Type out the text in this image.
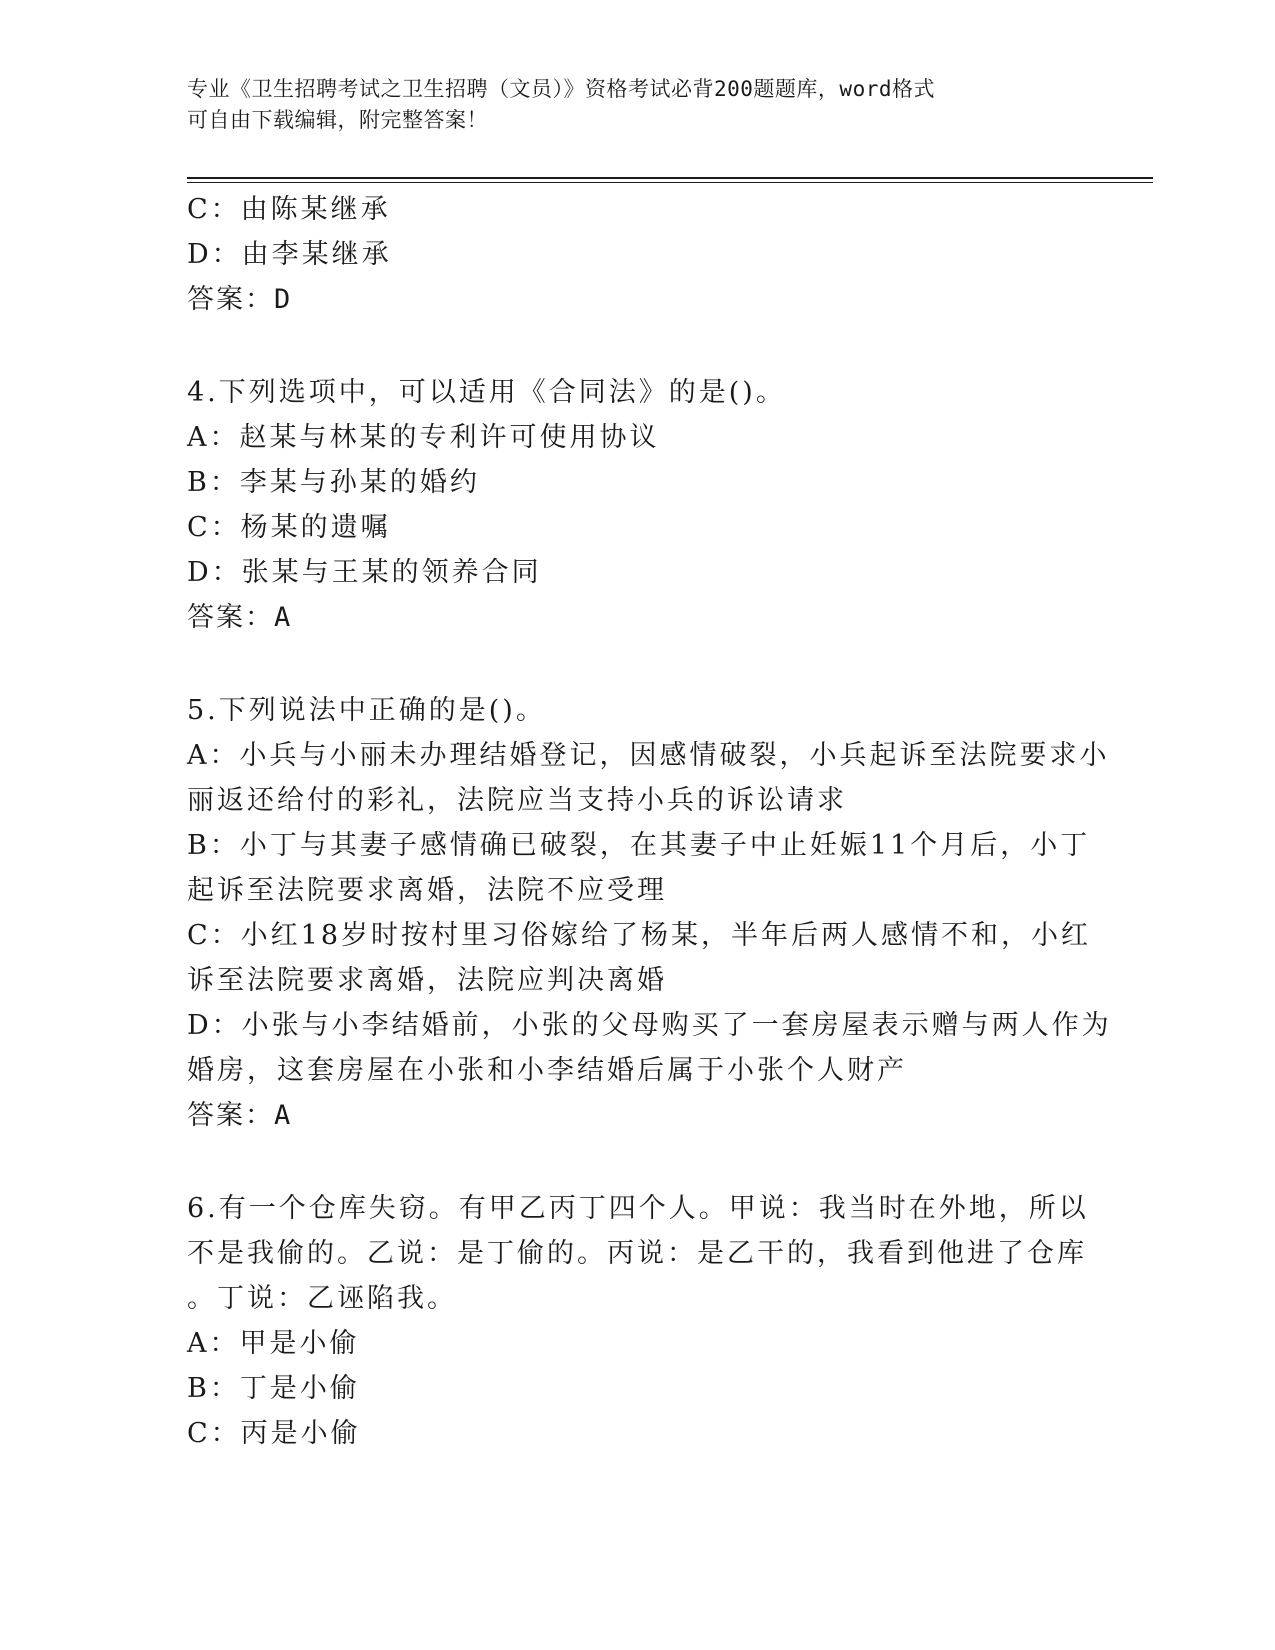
专业《卫生招聘考试之卫生招聘（文员）》资格考试必背200题题库，word格式
可自由下载编辑，附完整答案！
C：由陈某继承
D：由李某继承
答案：D
4.下列选项中，可以适用《合同法》的是()。
A：赵某与林某的专利许可使用协议
B：李某与孙某的婚约
C：杨某的遗嘱
D：张某与王某的领养合同
答案：A
5.下列说法中正确的是()。
A：小兵与小丽未办理结婚登记，因感情破裂，小兵起诉至法院要求小
丽返还给付的彩礼，法院应当支持小兵的诉讼请求
B：小丁与其妻子感情确已破裂，在其妻子中止妊娠11个月后，小丁
起诉至法院要求离婚，法院不应受理
C：小红18岁时按村里习俗嫁给了杨某，半年后两人感情不和，小红
诉至法院要求离婚，法院应判决离婚
D：小张与小李结婚前，小张的父母购买了一套房屋表示赠与两人作为
婚房，这套房屋在小张和小李结婚后属于小张个人财产
答案：A
6.有一个仓库失窃。有甲乙丙丁四个人。甲说：我当时在外地，所以
不是我偷的。乙说：是丁偷的。丙说：是乙干的，我看到他进了仓库
。丁说：乙诬陷我。
A：甲是小偷
B：丁是小偷
C：丙是小偷
